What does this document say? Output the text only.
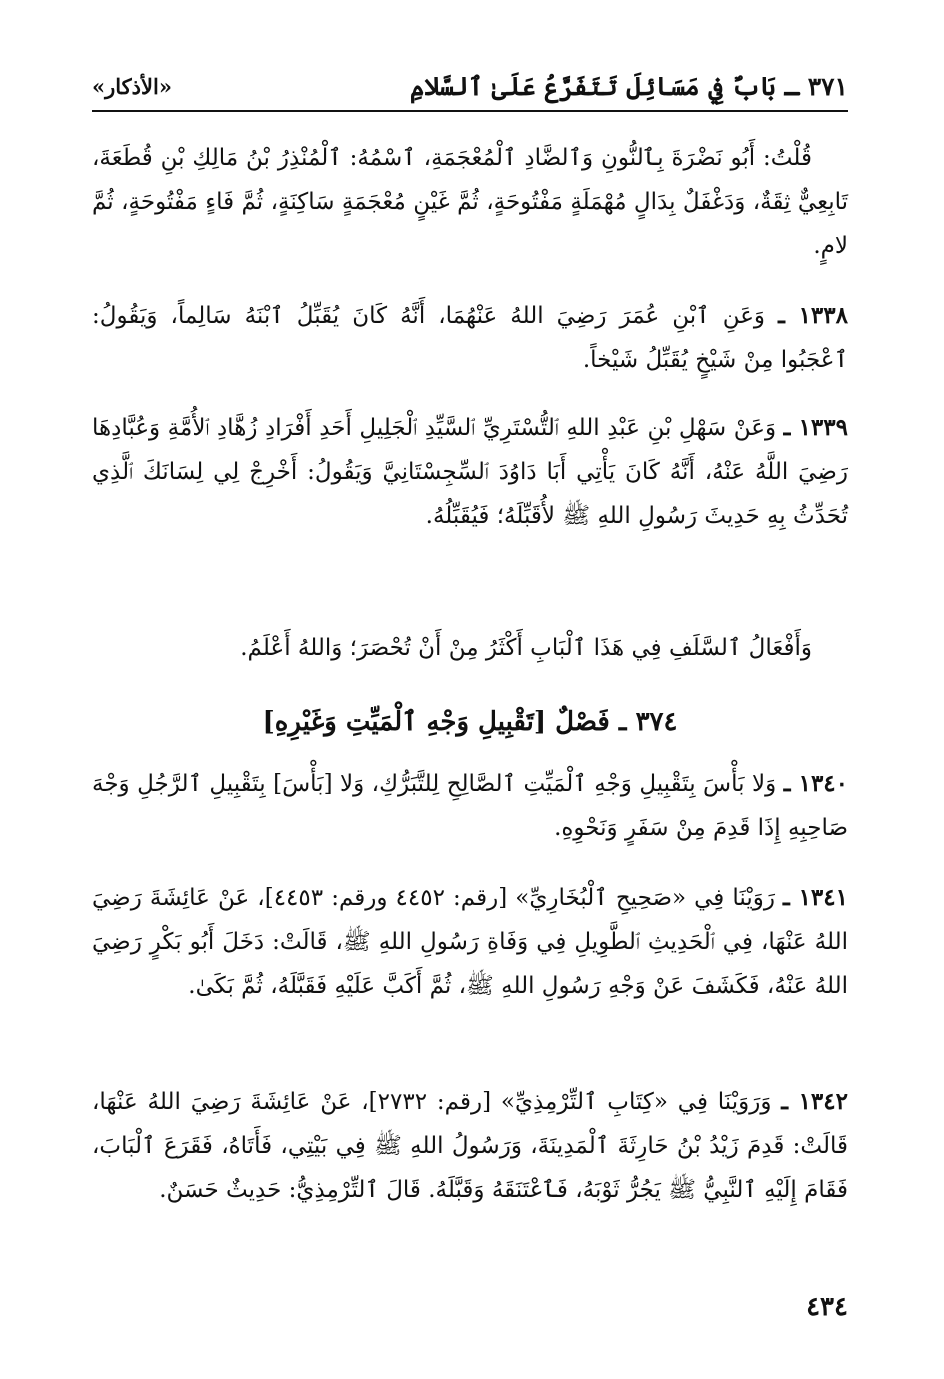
٣٧١ ـ بَابٌ فِي مَسَائِلَ تَتَفَرَّعُ عَلَىٰ ٱلسَّلامِ
«الأذكار»
قُلْتُ: أَبُو نَضْرَةَ بِٱلنُّونِ وَٱلضَّادِ ٱلْمُعْجَمَةِ، ٱسْمُهُ: ٱلْمُنْذِرُ بْنُ مَالِكِ بْنِ قُطَعَةَ، تَابِعِيٌّ ثِقَةٌ، وَدَغْفَلٌ بِدَالٍ مُهْمَلَةٍ مَفْتُوحَةٍ، ثُمَّ غَيْنٍ مُعْجَمَةٍ سَاكِنَةٍ، ثُمَّ فَاءٍ مَفْتُوحَةٍ، ثُمَّ لامٍ.
١٣٣٨ ـ وَعَنِ ٱبْنِ عُمَرَ رَضِيَ اللهُ عَنْهُمَا، أَنَّهُ كَانَ يُقَبِّلُ ٱبْنَهُ سَالِماً، وَيَقُولُ: ٱعْجَبُوا مِنْ شَيْخٍ يُقَبِّلُ شَيْخاً.
١٣٣٩ ـ وَعَنْ سَهْلِ بْنِ عَبْدِ اللهِ ٱلتُّسْتَرِيِّ ٱلسَّيِّدِ ٱلْجَلِيلِ أَحَدِ أَفْرَادِ زُهَّادِ ٱلأُمَّةِ وَعُبَّادِهَا رَضِيَ اللَّهُ عَنْهُ، أَنَّهُ كَانَ يَأْتِي أَبَا دَاوُدَ ٱلسِّجِسْتَانِيَّ وَيَقُولُ: أَخْرِجْ لِي لِسَانَكَ ٱلَّذِي تُحَدِّثُ بِهِ حَدِيثَ رَسُولِ اللهِ ﷺ لأُقَبِّلَهُ؛ فَيُقَبِّلُهُ.
وَأَفْعَالُ ٱلسَّلَفِ فِي هَذَا ٱلْبَابِ أَكْثَرُ مِنْ أَنْ تُحْصَرَ؛ وَاللهُ أَعْلَمُ.
٣٧٤ ـ فَصْلٌ [تَقْبِيلِ وَجْهِ ٱلْمَيِّتِ وَغَيْرِهِ]
١٣٤٠ ـ وَلا بَأْسَ بِتَقْبِيلِ وَجْهِ ٱلْمَيِّتِ ٱلصَّالِحِ لِلتَّبَرُّكِ، وَلا [بَأْسَ] بِتَقْبِيلِ ٱلرَّجُلِ وَجْهَ صَاحِبِهِ إِذَا قَدِمَ مِنْ سَفَرٍ وَنَحْوِهِ.
١٣٤١ ـ رَوَيْنَا فِي «صَحِيحِ ٱلْبُخَارِيِّ» [رقم: ٤٤٥٢ ورقم: ٤٤٥٣]، عَنْ عَائِشَةَ رَضِيَ اللهُ عَنْهَا، فِي ٱلْحَدِيثِ ٱلطَّوِيلِ فِي وَفَاةِ رَسُولِ اللهِ ﷺ، قَالَتْ: دَخَلَ أَبُو بَكْرٍ رَضِيَ اللهُ عَنْهُ، فَكَشَفَ عَنْ وَجْهِ رَسُولِ اللهِ ﷺ، ثُمَّ أَكَبَّ عَلَيْهِ فَقَبَّلَهُ، ثُمَّ بَكَىٰ.
١٣٤٢ ـ وَرَوَيْنَا فِي «كِتَابِ ٱلتِّرْمِذِيِّ» [رقم: ٢٧٣٢]، عَنْ عَائِشَةَ رَضِيَ اللهُ عَنْهَا، قَالَتْ: قَدِمَ زَيْدُ بْنُ حَارِثَةَ ٱلْمَدِينَةَ، وَرَسُولُ اللهِ ﷺ فِي بَيْتِي، فَأَتَاهُ، فَقَرَعَ ٱلْبَابَ، فَقَامَ إِلَيْهِ ٱلنَّبِيُّ ﷺ يَجُرُّ ثَوْبَهُ، فَٱعْتَنَقَهُ وَقَبَّلَهُ. قَالَ ٱلتِّرْمِذِيُّ: حَدِيثٌ حَسَنٌ.
٤٣٤
